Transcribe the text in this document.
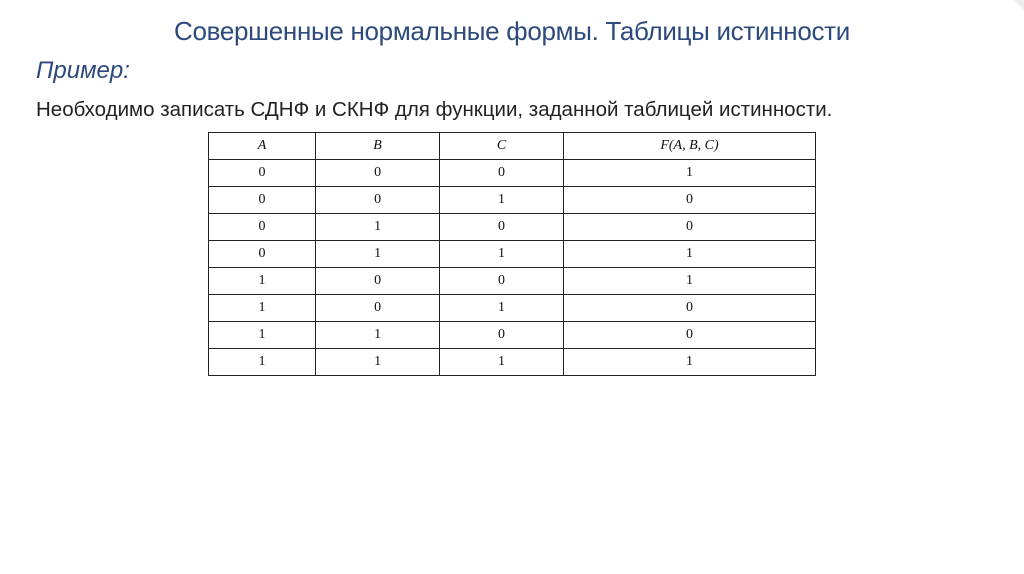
Совершенные нормальные формы. Таблицы истинности
Пример:
Необходимо записать СДНФ и СКНФ для функции, заданной таблицей истинности.
A	B	C	F(A, B, C)
0	0	0	1
0	0	1	0
0	1	0	0
0	1	1	1
1	0	0	1
1	0	1	0
1	1	0	0
1	1	1	1
